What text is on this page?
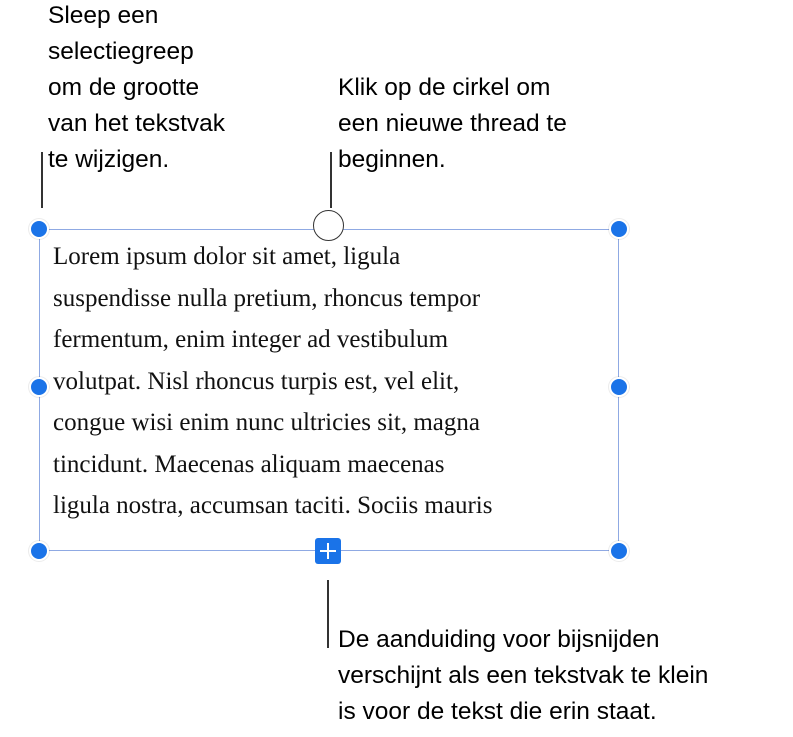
Sleep een
selectiegreep
om de grootte
van het tekstvak
te wijzigen.
Klik op de cirkel om
een nieuwe thread te
beginnen.
Lorem ipsum dolor sit amet, ligula
suspendisse nulla pretium, rhoncus tempor
fermentum, enim integer ad vestibulum
volutpat. Nisl rhoncus turpis est, vel elit,
congue wisi enim nunc ultricies sit, magna
tincidunt. Maecenas aliquam maecenas
ligula nostra, accumsan taciti. Sociis mauris
De aanduiding voor bijsnijden
verschijnt als een tekstvak te klein
is voor de tekst die erin staat.
